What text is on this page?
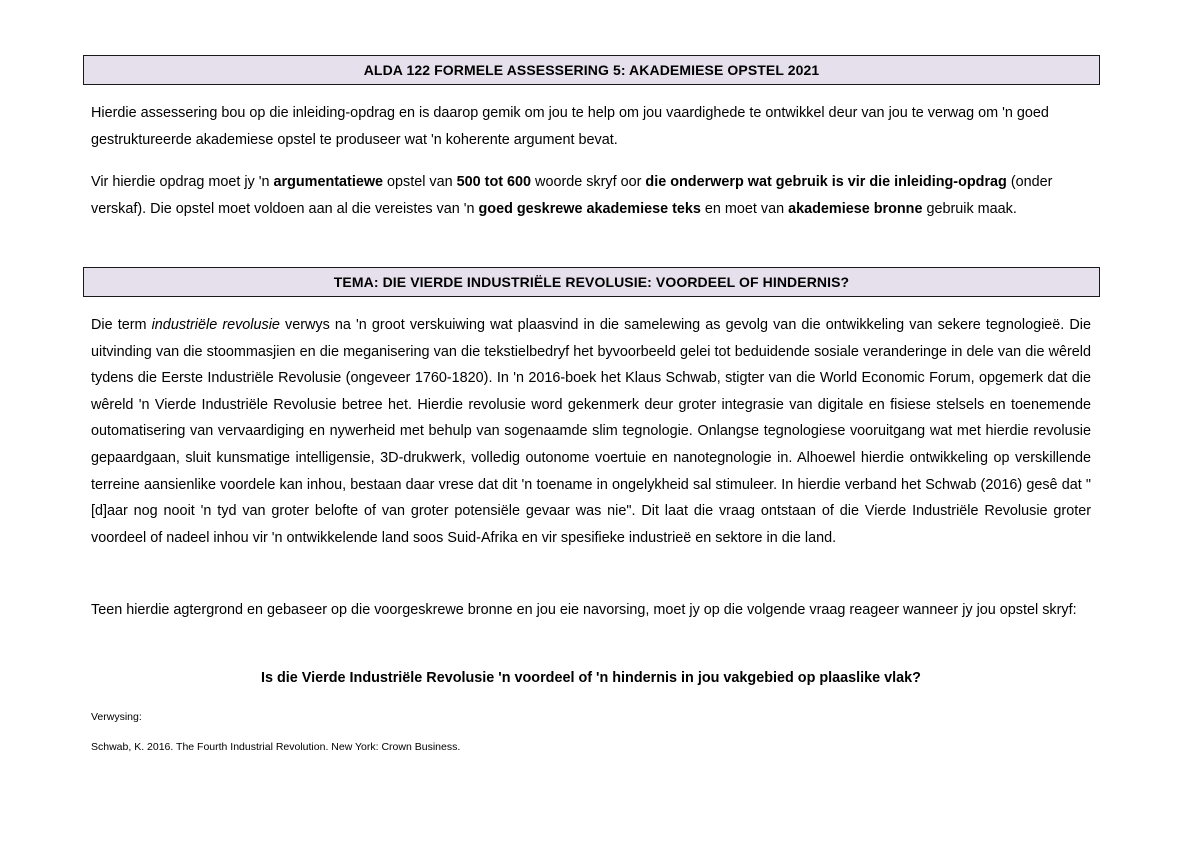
ALDA 122 FORMELE ASSESSERING 5: AKADEMIESE OPSTEL 2021

Hierdie assessering bou op die inleiding-opdrag en is daarop gemik om jou te help om jou vaardighede te ontwikkel deur van jou te verwag om 'n goed gestruktureerde akademiese opstel te produseer wat 'n koherente argument bevat.

Vir hierdie opdrag moet jy 'n argumentatiewe opstel van 500 tot 600 woorde skryf oor die onderwerp wat gebruik is vir die inleiding-opdrag (onder verskaf). Die opstel moet voldoen aan al die vereistes van 'n goed geskrewe akademiese teks en moet van akademiese bronne gebruik maak.

TEMA: DIE VIERDE INDUSTRIËLE REVOLUSIE: VOORDEEL OF HINDERNIS?

Die term industriële revolusie verwys na 'n groot verskuiwing wat plaasvind in die samelewing as gevolg van die ontwikkeling van sekere tegnologieë. Die uitvinding van die stoommasjien en die meganisering van die tekstielbedryf het byvoorbeeld gelei tot beduidende sosiale veranderinge in dele van die wêreld tydens die Eerste Industriële Revolusie (ongeveer 1760-1820). In 'n 2016-boek het Klaus Schwab, stigter van die World Economic Forum, opgemerk dat die wêreld 'n Vierde Industriële Revolusie betree het. Hierdie revolusie word gekenmerk deur groter integrasie van digitale en fisiese stelsels en toenemende outomatisering van vervaardiging en nywerheid met behulp van sogenaamde slim tegnologie. Onlangse tegnologiese vooruitgang wat met hierdie revolusie gepaardgaan, sluit kunsmatige intelligensie, 3D-drukwerk, volledig outonome voertuie en nanotegnologie in. Alhoewel hierdie ontwikkeling op verskillende terreine aansienlike voordele kan inhou, bestaan daar vrese dat dit 'n toename in ongelykheid sal stimuleer. In hierdie verband het Schwab (2016) gesê dat "[d]aar nog nooit 'n tyd van groter belofte of van groter potensiële gevaar was nie". Dit laat die vraag ontstaan of die Vierde Industriële Revolusie groter voordeel of nadeel inhou vir 'n ontwikkelende land soos Suid-Afrika en vir spesifieke industrieë en sektore in die land.

Teen hierdie agtergrond en gebaseer op die voorgeskrewe bronne en jou eie navorsing, moet jy op die volgende vraag reageer wanneer jy jou opstel skryf:

Is die Vierde Industriële Revolusie 'n voordeel of 'n hindernis in jou vakgebied op plaaslike vlak?
Verwysing:
Schwab, K. 2016. The Fourth Industrial Revolution. New York: Crown Business.
